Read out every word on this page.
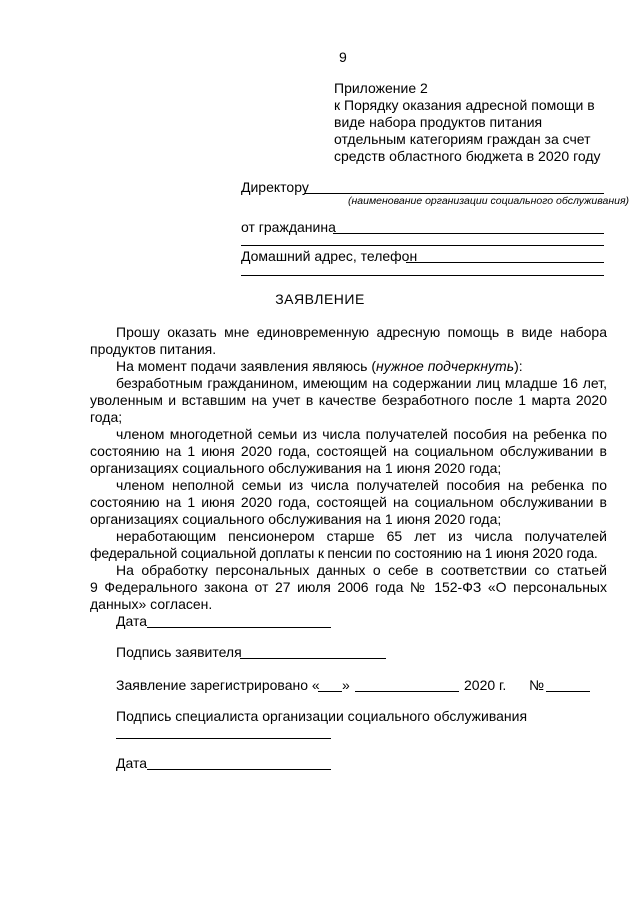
9
Приложение 2
к Порядку оказания адресной помощи в
виде набора продуктов питания
отдельным категориям граждан за счет
средств областного бюджета в 2020 году
Директору
(наименование организации социального обслуживания)
от гражданина
Домашний адрес, телефон
ЗАЯВЛЕНИЕ
Прошу оказать мне единовременную адресную помощь в виде набора
продуктов питания.
На момент подачи заявления являюсь (нужное подчеркнуть):
безработным гражданином, имеющим на содержании лиц младше 16 лет,
уволенным и вставшим на учет в качестве безработного после 1 марта 2020
года;
членом многодетной семьи из числа получателей пособия на ребенка по
состоянию на 1 июня 2020 года, состоящей на социальном обслуживании в
организациях социального обслуживания на 1 июня 2020 года;
членом неполной семьи из числа получателей пособия на ребенка по
состоянию на 1 июня 2020 года, состоящей на социальном обслуживании в
организациях социального обслуживания на 1 июня 2020 года;
неработающим пенсионером старше 65 лет из числа получателей
федеральной социальной доплаты к пенсии по состоянию на 1 июня 2020 года.
На обработку персональных данных о себе в соответствии со статьей
9 Федерального закона от 27 июля 2006 года № 152-ФЗ «О персональных
данных» согласен.
Дата
Подпись заявителя
Заявление зарегистрировано « »	2020 г. №
Подпись специалиста организации социального обслуживания
Дата
